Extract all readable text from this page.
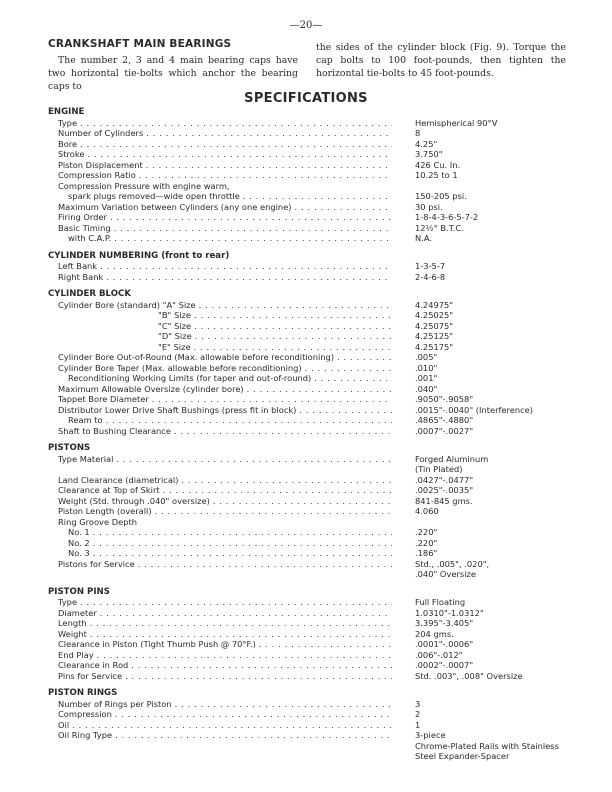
—20—
CRANKSHAFT MAIN BEARINGS
The number 2, 3 and 4 main bearing caps have two horizontal tie-bolts which anchor the bearing caps to
the sides of the cylinder block (Fig. 9). Torque the cap bolts to 100 foot-pounds, then tighten the horizontal tie-bolts to 45 foot-pounds.
SPECIFICATIONS
ENGINE
Type . . .	Hemispherical 90°V
Number of Cylinders . . .	8
Bore . . .	4.25"
Stroke . . .	3.750"
Piston Displacement . . .	426 Cu. In.
Compression Ratio . . .	10.25 to 1
Compression Pressure with engine warm,
spark plugs removed—wide open throttle . . .	150-205 psi.
Maximum Variation between Cylinders (any one engine) . . .	30 psi.
Firing Order . . .	1-8-4-3-6-5-7-2
Basic Timing . . .	12½° B.T.C.
with C.A.P. . . .	N.A.
CYLINDER NUMBERING (front to rear)
Left Bank . . .	1-3-5-7
Right Bank . . .	2-4-6-8
CYLINDER BLOCK
Cylinder Bore (standard) "A" Size . . .	4.24975"
"B" Size . . .	4.25025"
"C" Size . . .	4.25075"
"D" Size . . .	4.25125"
"E" Size . . .	4.25175"
Cylinder Bore Out-of-Round (Max. allowable before reconditioning) . . .	.005"
Cylinder Bore Taper (Max. allowable before reconditioning) . . .	.010"
Reconditioning Working Limits (for taper and out-of-round) . . .	.001"
Maximum Allowable Oversize (cylinder bore) . . .	.040"
Tappet Bore Diameter . . .	.9050"-.9058"
Distributor Lower Drive Shaft Bushings (press fit in block) . . .	.0015"-.0040" (Interference)
Ream to . . .	.4865"-.4880"
Shaft to Bushing Clearance . . .	.0007"-.0027"
PISTONS
Type Material . . .	Forged Aluminum
(Tin Plated)
Land Clearance (diametrical) . . .	.0427"-.0477"
Clearance at Top of Skirt . . .	.0025"-.0035"
Weight (Std. through .040" oversize) . . .	841-845 gms.
Piston Length (overall) . . .	4.060
Ring Groove Depth
No. 1 . . .	.220"
No. 2 . . .	.220"
No. 3 . . .	.186"
Pistons for Service . . .	Std., .005", .020",
.040" Oversize
PISTON PINS
Type . . .	Full Floating
Diameter . . .	1.0310"-1.0312"
Length . . .	3.395"-3.405"
Weight . . .	204 gms.
Clearance in Piston (Tight Thumb Push @ 70°F.) . . .	.0001"-.0006"
End Play . . .	.006"-.012"
Clearance in Rod . . .	.0002"-.0007"
Pins for Service . . .	Std. .003", .008" Oversize
PISTON RINGS
Number of Rings per Piston . . .	3
Compression . . .	2
Oil . . .	1
Oil Ring Type . . .	3-piece
Chrome-Plated Rails with Stainless
Steel Expander-Spacer
